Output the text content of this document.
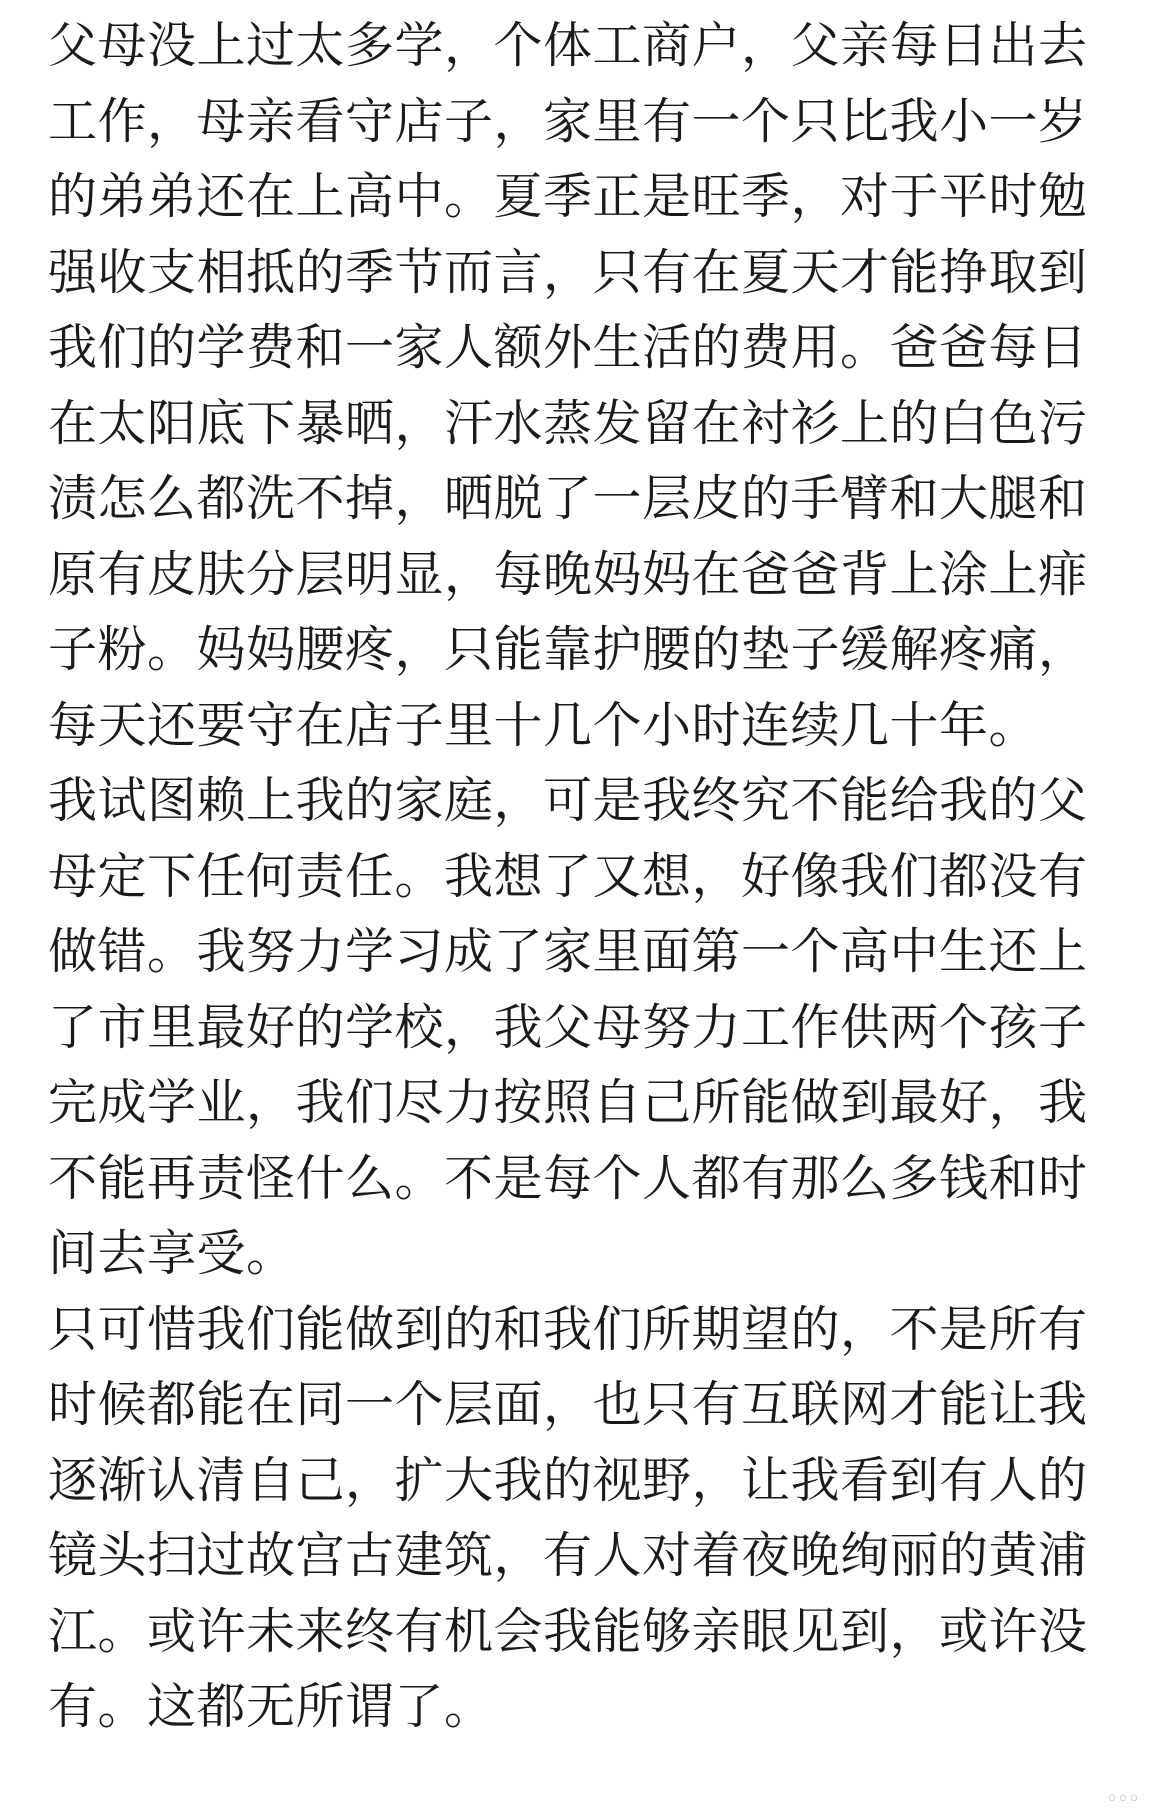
父母没上过太多学，个体工商户，父亲每日出去
工作，母亲看守店子，家里有一个只比我小一岁
的弟弟还在上高中。夏季正是旺季，对于平时勉
强收支相抵的季节而言，只有在夏天才能挣取到
我们的学费和一家人额外生活的费用。爸爸每日
在太阳底下暴晒，汗水蒸发留在衬衫上的白色污
渍怎么都洗不掉，晒脱了一层皮的手臂和大腿和
原有皮肤分层明显，每晚妈妈在爸爸背上涂上痱
子粉。妈妈腰疼，只能靠护腰的垫子缓解疼痛，
每天还要守在店子里十几个小时连续几十年。
我试图赖上我的家庭，可是我终究不能给我的父
母定下任何责任。我想了又想，好像我们都没有
做错。我努力学习成了家里面第一个高中生还上
了市里最好的学校，我父母努力工作供两个孩子
完成学业，我们尽力按照自己所能做到最好，我
不能再责怪什么。不是每个人都有那么多钱和时
间去享受。
只可惜我们能做到的和我们所期望的，不是所有
时候都能在同一个层面，也只有互联网才能让我
逐渐认清自己，扩大我的视野，让我看到有人的
镜头扫过故宫古建筑，有人对着夜晚绚丽的黄浦
江。或许未来终有机会我能够亲眼见到，或许没
有。这都无所谓了。
。。。
